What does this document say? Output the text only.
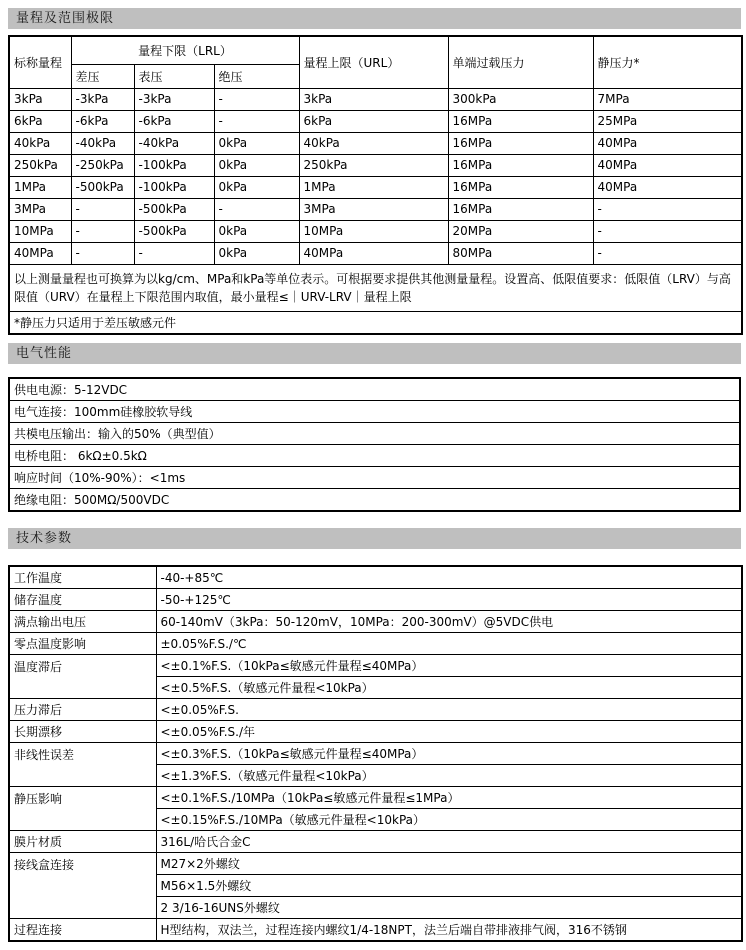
量程及范围极限
标称量程	量程下限（LRL）			量程上限（URL）	单端过载压力	静压力*
	差压	表压	绝压			
3kPa	-3kPa	-3kPa	-	3kPa	300kPa	7MPa
6kPa	-6kPa	-6kPa	-	6kPa	16MPa	25MPa
40kPa	-40kPa	-40kPa	0kPa	40kPa	16MPa	40MPa
250kPa	-250kPa	-100kPa	0kPa	250kPa	16MPa	40MPa
1MPa	-500kPa	-100kPa	0kPa	1MPa	16MPa	40MPa
3MPa	-	-500kPa	-	3MPa	16MPa	-
10MPa	-	-500kPa	0kPa	10MPa	20MPa	-
40MPa	-	-	0kPa	40MPa	80MPa	-
以上测量量程也可换算为以kg/cm、MPa和kPa等单位表示。可根据要求提供其他测量量程。设置高、低限值要求：低限值（LRV）与高限值（URV）在量程上下限范围内取值，最小量程≤｜URV-LRV｜量程上限						
*静压力只适用于差压敏感元件						
电气性能
供电电源：5-12VDC
电气连接：100mm硅橡胶软导线
共模电压输出：输入的50%（典型值）
电桥电阻： 6kΩ±0.5kΩ
响应时间（10%-90%）：<1ms
绝缘电阻：500MΩ/500VDC
技术参数
工作温度	-40-+85℃
储存温度	-50-+125℃
满点输出电压	60-140mV（3kPa：50-120mV，10MPa：200-300mV）@5VDC供电
零点温度影响	±0.05%F.S./℃
温度滞后	<±0.1%F.S.（10kPa≤敏感元件量程≤40MPa）
	<±0.5%F.S.（敏感元件量程<10kPa）
压力滞后	<±0.05%F.S.
长期漂移	<±0.05%F.S./年
非线性误差	<±0.3%F.S.（10kPa≤敏感元件量程≤40MPa）
	<±1.3%F.S.（敏感元件量程<10kPa）
静压影响	<±0.1%F.S./10MPa（10kPa≤敏感元件量程≤1MPa）
	<±0.15%F.S./10MPa（敏感元件量程<10kPa）
膜片材质	316L/哈氏合金C
接线盒连接	M27×2外螺纹
	M56×1.5外螺纹
	2 3/16-16UNS外螺纹
过程连接	H型结构，双法兰，过程连接内螺纹1/4-18NPT，法兰后端自带排液排气阀，316不锈钢
